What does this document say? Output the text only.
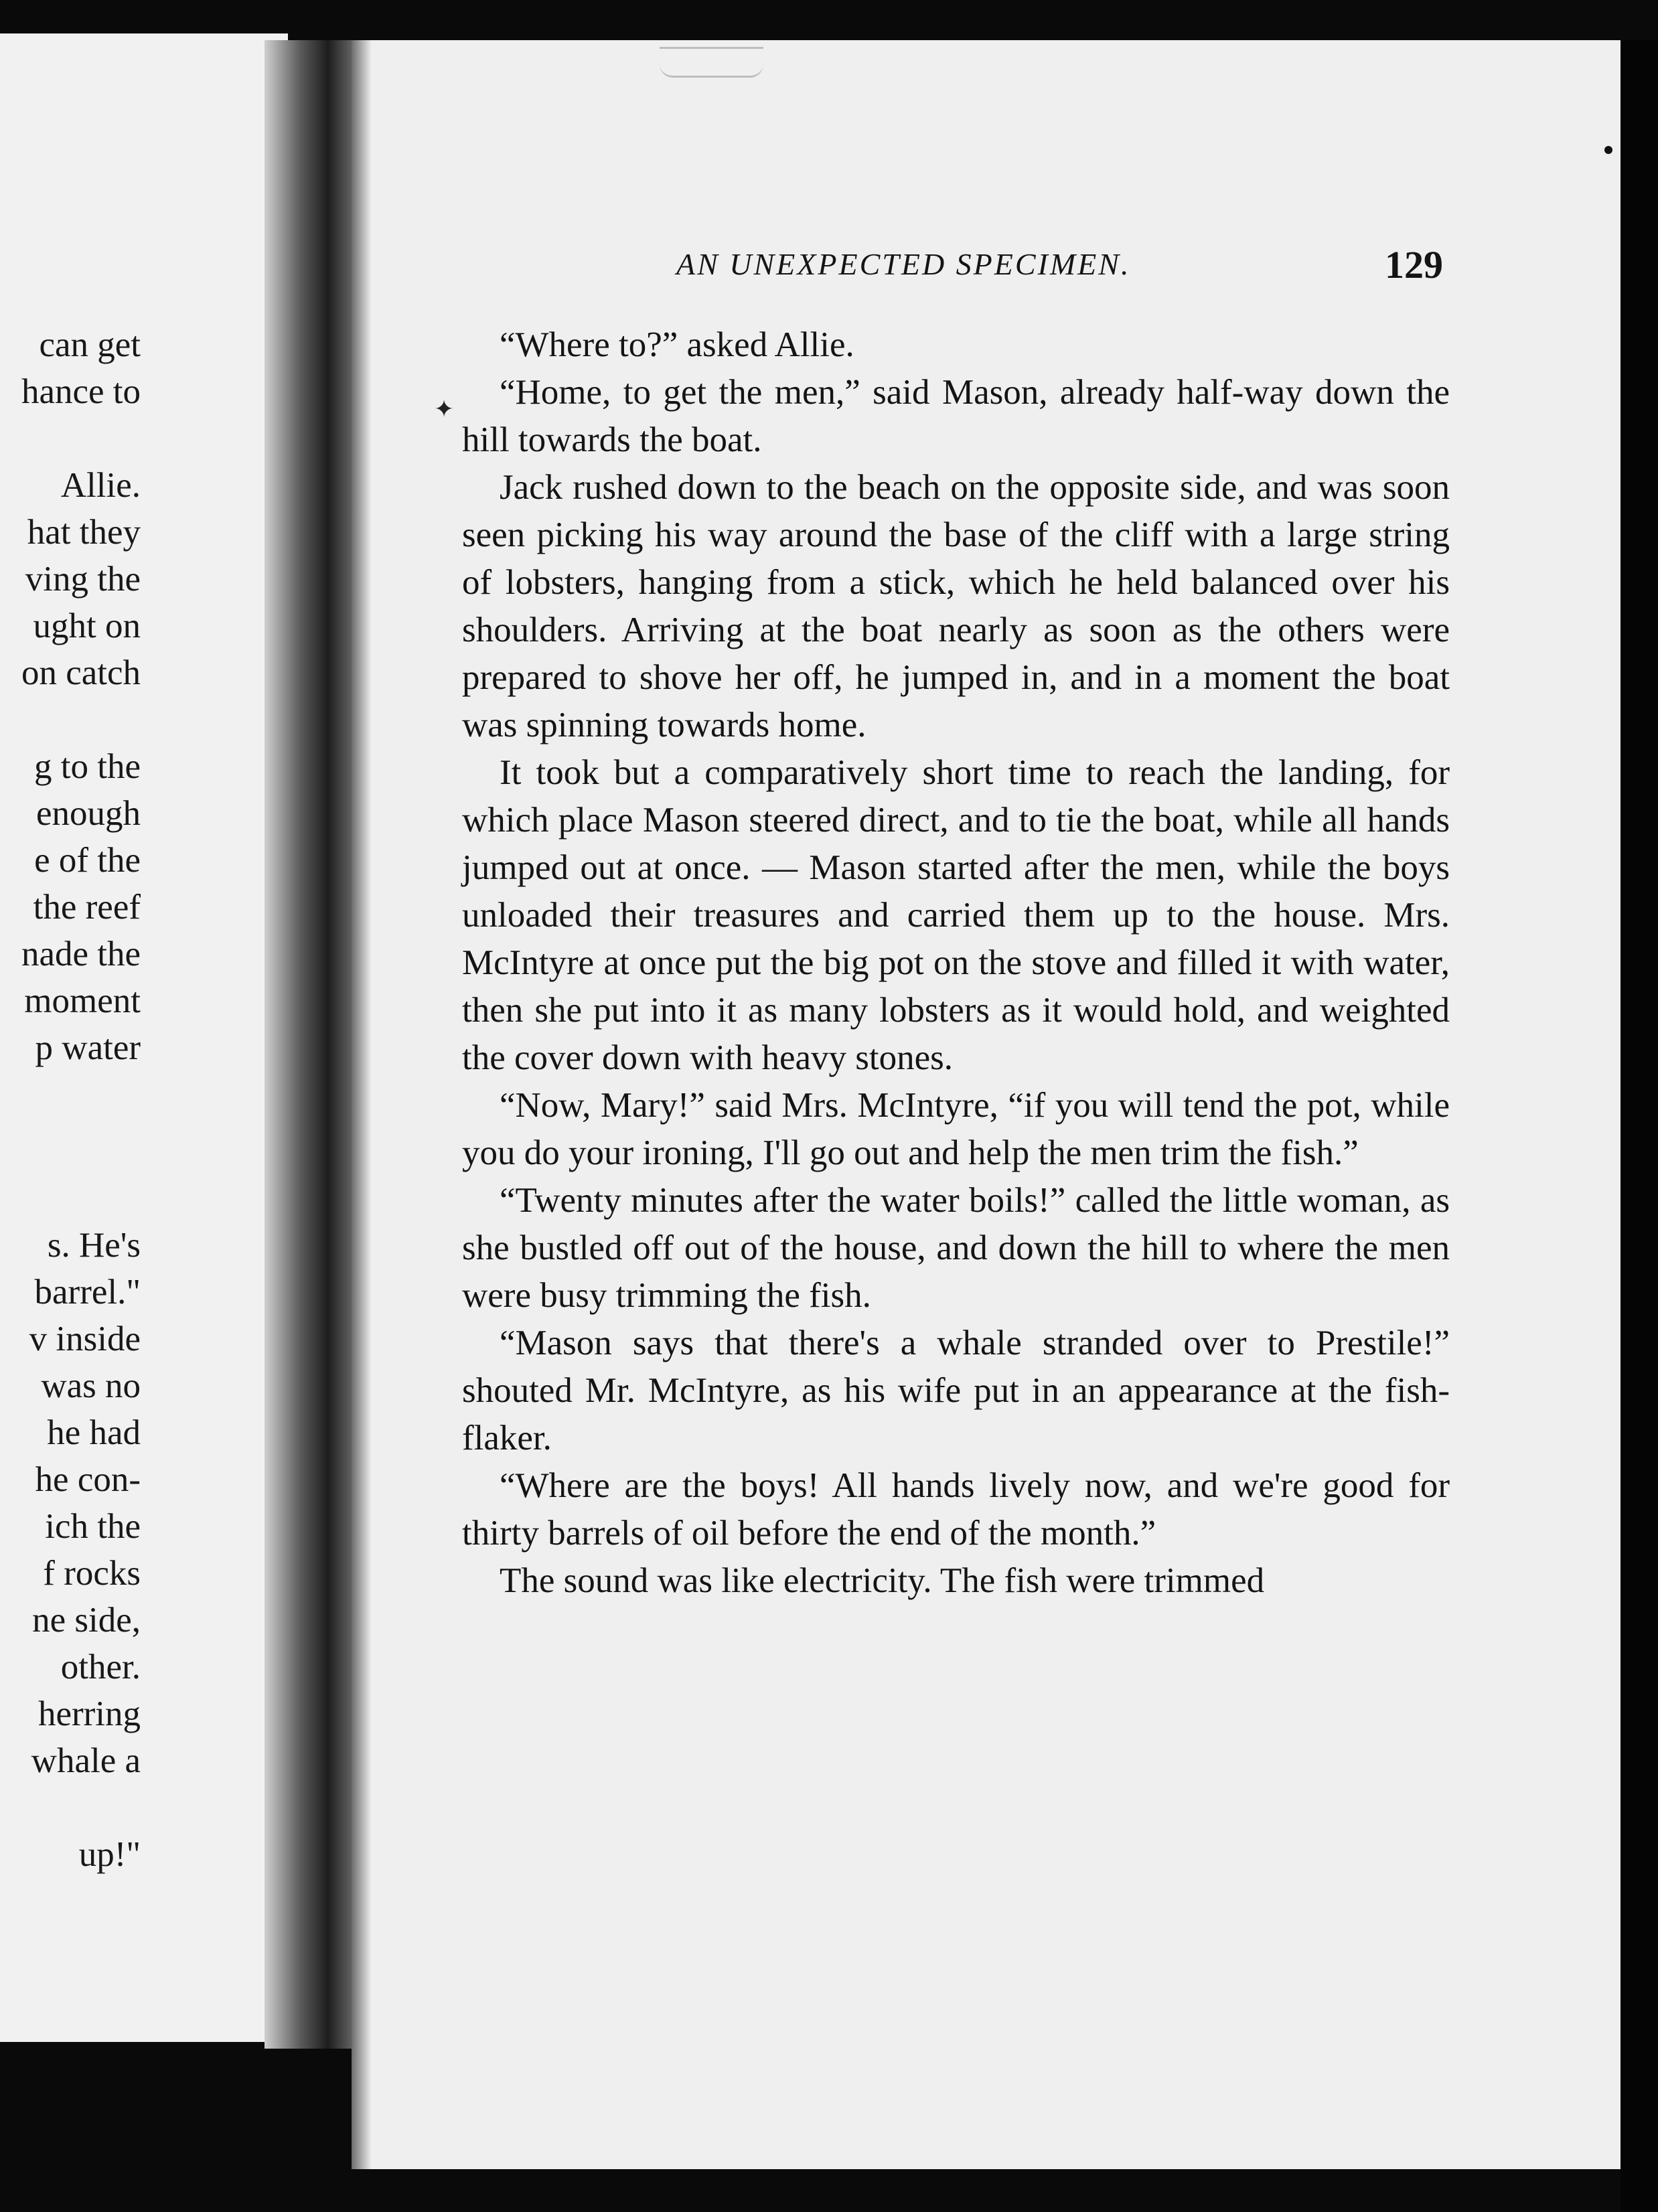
can get
hance to
Allie.
hat they
ving the
ught on
on catch
g to the
enough
e of the
the reef
nade the
moment
p water
s. He's
barrel."
v inside
was no
he had
he con-
ich the
f rocks
ne side,
other.
herring
whale a
up!"
✦
AN UNEXPECTED SPECIMEN.	129

“Where to?” asked Allie.

“Home, to get the men,” said Mason, already half-way down the hill towards the boat.

Jack rushed down to the beach on the opposite side, and was soon seen picking his way around the base of the cliff with a large string of lobsters, hanging from a stick, which he held balanced over his shoulders. Arriving at the boat nearly as soon as the others were prepared to shove her off, he jumped in, and in a moment the boat was spinning towards home.

It took but a comparatively short time to reach the landing, for which place Mason steered direct, and to tie the boat, while all hands jumped out at once. — Mason started after the men, while the boys unloaded their treasures and carried them up to the house. Mrs. McIntyre at once put the big pot on the stove and filled it with water, then she put into it as many lobsters as it would hold, and weighted the cover down with heavy stones.

“Now, Mary!” said Mrs. McIntyre, “if you will tend the pot, while you do your ironing, I'll go out and help the men trim the fish.”

“Twenty minutes after the water boils!” called the little woman, as she bustled off out of the house, and down the hill to where the men were busy trimming the fish.

“Mason says that there's a whale stranded over to Prestile!” shouted Mr. McIntyre, as his wife put in an appearance at the fish-flaker.

“Where are the boys! All hands lively now, and we're good for thirty barrels of oil before the end of the month.”

The sound was like electricity. The fish were trimmed
